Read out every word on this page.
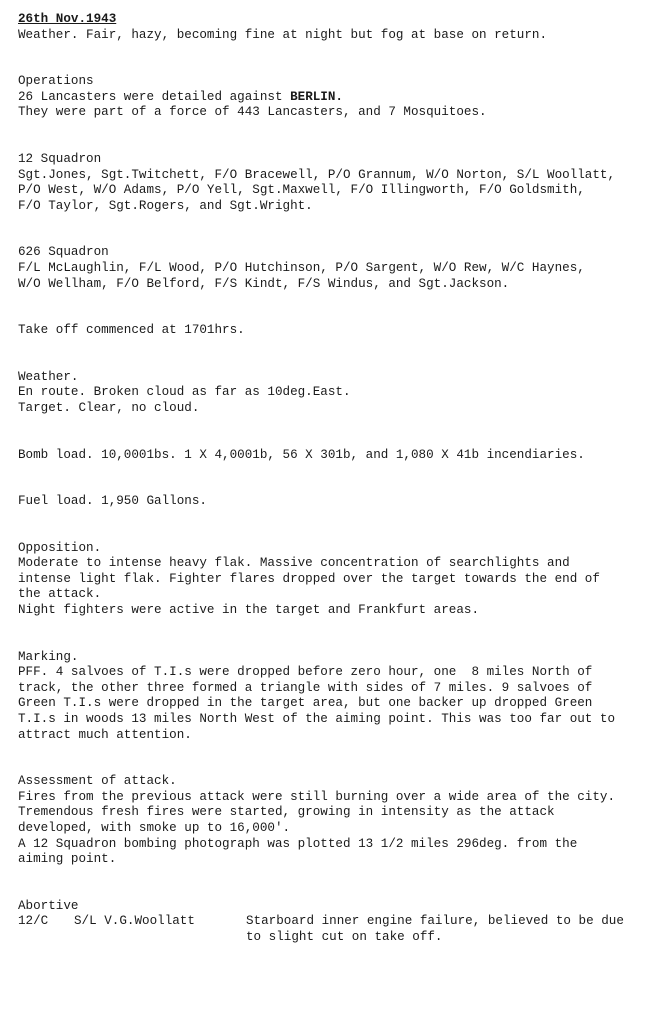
26th Nov.1943
Weather. Fair, hazy, becoming fine at night but fog at base on return.
Operations
26 Lancasters were detailed against BERLIN.
They were part of a force of 443 Lancasters, and 7 Mosquitoes.
12 Squadron
Sgt.Jones, Sgt.Twitchett, F/O Bracewell, P/O Grannum, W/O Norton, S/L Woollatt,
P/O West, W/O Adams, P/O Yell, Sgt.Maxwell, F/O Illingworth, F/O Goldsmith,
F/O Taylor, Sgt.Rogers, and Sgt.Wright.
626 Squadron
F/L McLaughlin, F/L Wood, P/O Hutchinson, P/O Sargent, W/O Rew, W/C Haynes,
W/O Wellham, F/O Belford, F/S Kindt, F/S Windus, and Sgt.Jackson.
Take off commenced at 1701hrs.
Weather.
En route. Broken cloud as far as 10deg.East.
Target. Clear, no cloud.
Bomb load. 10,0001bs. 1 X 4,0001b, 56 X 301b, and 1,080 X 41b incendiaries.
Fuel load. 1,950 Gallons.
Opposition.
Moderate to intense heavy flak. Massive concentration of searchlights and
intense light flak. Fighter flares dropped over the target towards the end of
the attack.
Night fighters were active in the target and Frankfurt areas.
Marking.
PFF. 4 salvoes of T.I.s were dropped before zero hour, one  8 miles North of
track, the other three formed a triangle with sides of 7 miles. 9 salvoes of
Green T.I.s were dropped in the target area, but one backer up dropped Green
T.I.s in woods 13 miles North West of the aiming point. This was too far out to
attract much attention.
Assessment of attack.
Fires from the previous attack were still burning over a wide area of the city.
Tremendous fresh fires were started, growing in intensity as the attack
developed, with smoke up to 16,000'.
A 12 Squadron bombing photograph was plotted 13 1/2 miles 296deg. from the
aiming point.
Abortive
12/C	S/L V.G.Woollatt	Starboard inner engine failure, believed to be due
to slight cut on take off.
